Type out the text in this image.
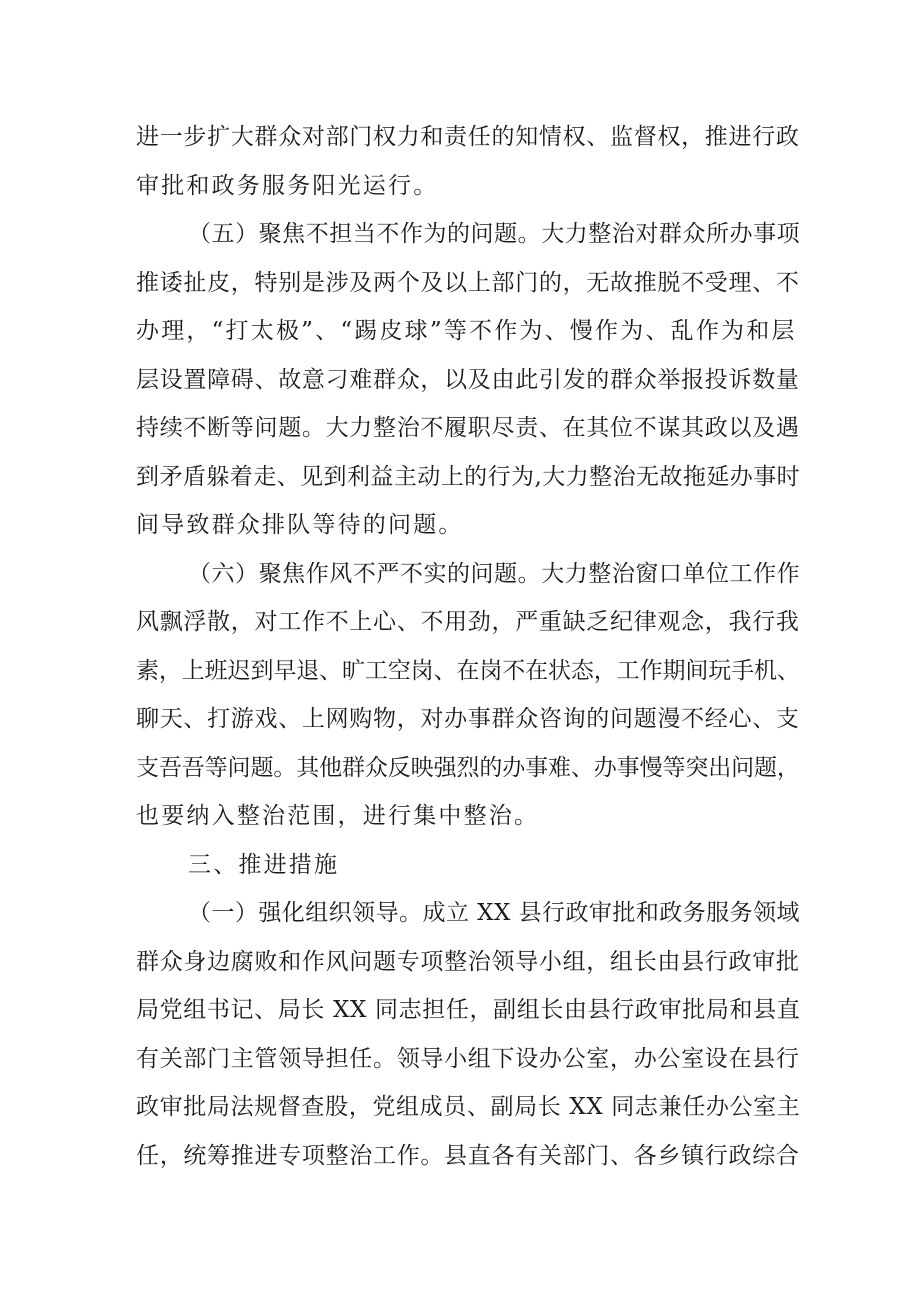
进一步扩大群众对部门权力和责任的知情权、监督权，推进行政
审批和政务服务阳光运行。
（五）聚焦不担当不作为的问题。大力整治对群众所办事项
推诿扯皮，特别是涉及两个及以上部门的，无故推脱不受理、不
办理，“打太极”、“踢皮球”等不作为、慢作为、乱作为和层
层设置障碍、故意刁难群众，以及由此引发的群众举报投诉数量
持续不断等问题。大力整治不履职尽责、在其位不谋其政以及遇
到矛盾躲着走、见到利益主动上的行为,大力整治无故拖延办事时
间导致群众排队等待的问题。
（六）聚焦作风不严不实的问题。大力整治窗口单位工作作
风飘浮散，对工作不上心、不用劲，严重缺乏纪律观念，我行我
素，上班迟到早退、旷工空岗、在岗不在状态，工作期间玩手机、
聊天、打游戏、上网购物，对办事群众咨询的问题漫不经心、支
支吾吾等问题。其他群众反映强烈的办事难、办事慢等突出问题，
也要纳入整治范围，进行集中整治。
三、推进措施
（一）强化组织领导。成立 XX 县行政审批和政务服务领域
群众身边腐败和作风问题专项整治领导小组，组长由县行政审批
局党组书记、局长 XX 同志担任，副组长由县行政审批局和县直
有关部门主管领导担任。领导小组下设办公室，办公室设在县行
政审批局法规督查股，党组成员、副局长 XX 同志兼任办公室主
任，统筹推进专项整治工作。县直各有关部门、各乡镇行政综合
